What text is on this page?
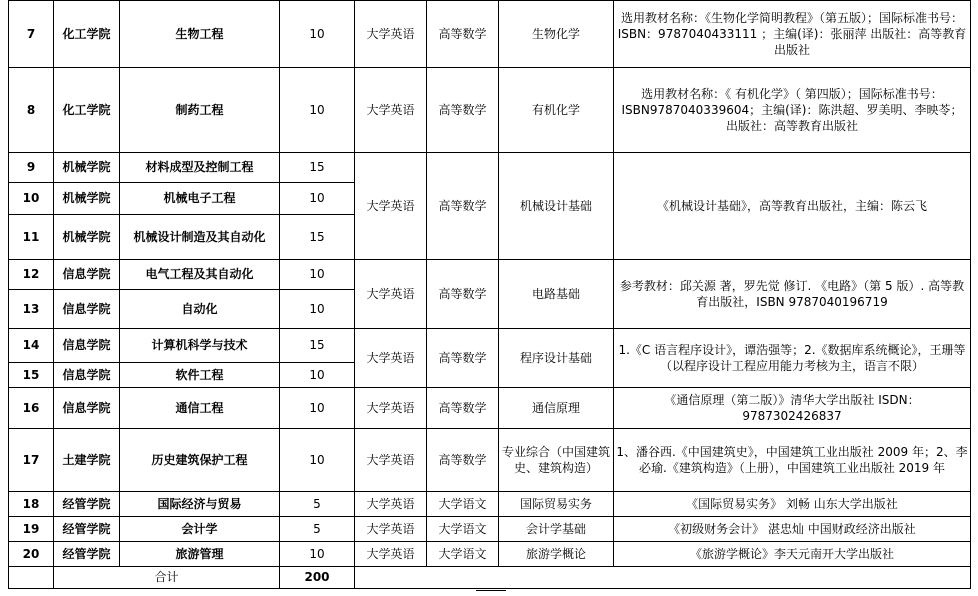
7	化工学院	生物工程	10	大学英语	高等数学	生物化学	选用教材名称：《生物化学简明教程》（第五版）；国际标准书号：ISBN：9787040433111 ；主编(译)：张丽萍 出版社：高等教育出版社
8	化工学院	制药工程	10	大学英语	高等数学	有机化学	选用教材名称：《 有机化学》（ 第四版）；国际标准书号：ISBN9787040339604；主编(译)：陈洪超、罗美明、李映苓； 出版社：高等教育出版社
9	机械学院	材料成型及控制工程	15	大学英语	高等数学	机械设计基础	《机械设计基础》，高等教育出版社，主编：陈云飞
10	机械学院	机械电子工程	10				
11	机械学院	机械设计制造及其自动化	15				
12	信息学院	电气工程及其自动化	10	大学英语	高等数学	电路基础	参考教材：邱关源 著，罗先觉 修订. 《电路》（第 5 版）. 高等教育出版社，ISBN 9787040196719
13	信息学院	自动化	10				
14	信息学院	计算机科学与技术	15	大学英语	高等数学	程序设计基础	1.《C 语言程序设计》，谭浩强等；2.《数据库系统概论》，王珊等（以程序设计工程应用能力考核为主，语言不限）
15	信息学院	软件工程	10				
16	信息学院	通信工程	10	大学英语	高等数学	通信原理	《通信原理（第二版）》清华大学出版社 ISDN：9787302426837
17	土建学院	历史建筑保护工程	10	大学英语	高等数学	专业综合（中国建筑史、建筑构造）	1、潘谷西.《中国建筑史》，中国建筑工业出版社 2009 年；2、李必瑜.《建筑构造》（上册），中国建筑工业出版社 2019 年
18	经管学院	国际经济与贸易	5	大学英语	大学语文	国际贸易实务	《国际贸易实务》 刘畅 山东大学出版社
19	经管学院	会计学	5	大学英语	大学语文	会计学基础	《初级财务会计》 湛忠灿 中国财政经济出版社
20	经管学院	旅游管理	10	大学英语	大学语文	旅游学概论	《旅游学概论》李天元南开大学出版社
	合计		200				
